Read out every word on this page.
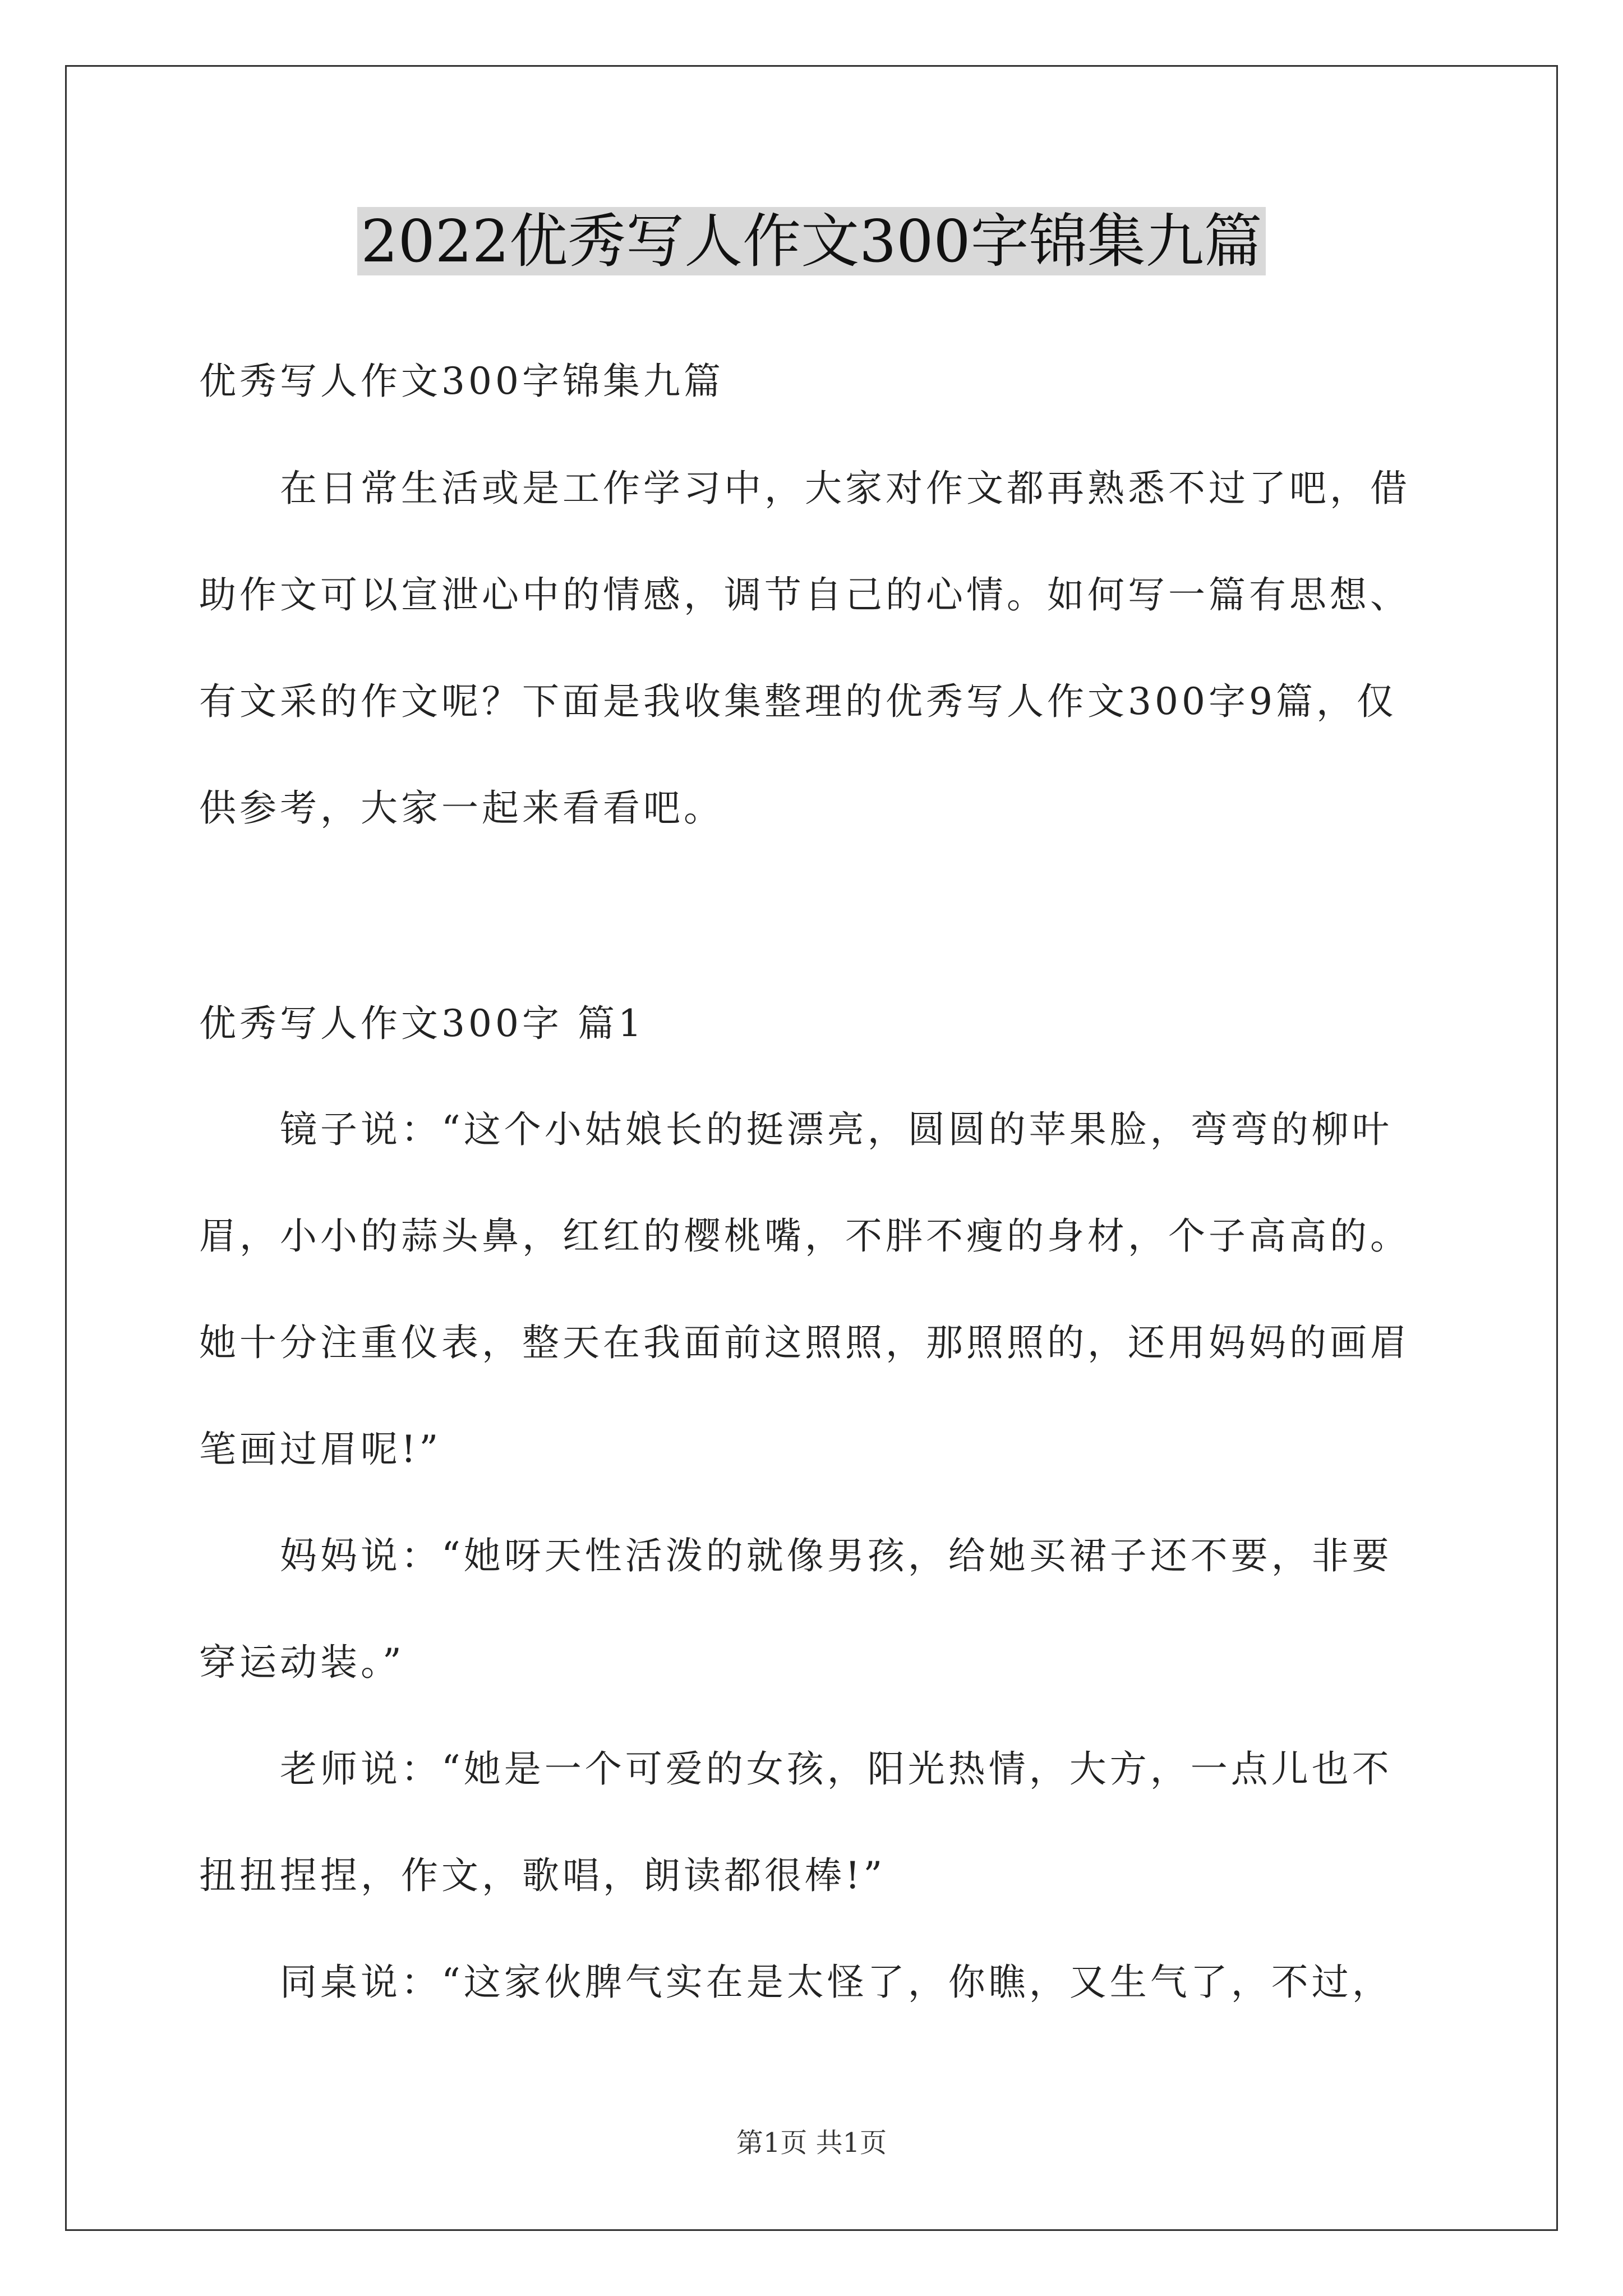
2022优秀写人作文300字锦集九篇

优秀写人作文300字锦集九篇

在日常生活或是工作学习中，大家对作文都再熟悉不过了吧，借助作文可以宣泄心中的情感，调节自己的心情。如何写一篇有思想、有文采的作文呢？下面是我收集整理的优秀写人作文300字9篇，仅供参考，大家一起来看看吧。

优秀写人作文300字 篇1

镜子说：“这个小姑娘长的挺漂亮，圆圆的苹果脸，弯弯的柳叶眉，小小的蒜头鼻，红红的樱桃嘴，不胖不瘦的身材，个子高高的。她十分注重仪表，整天在我面前这照照，那照照的，还用妈妈的画眉笔画过眉呢!”

妈妈说：“她呀天性活泼的就像男孩，给她买裙子还不要，非要穿运动装。”

老师说：“她是一个可爱的女孩，阳光热情，大方，一点儿也不扭扭捏捏，作文，歌唱，朗读都很棒!”

同桌说：“这家伙脾气实在是太怪了，你瞧，又生气了，不过，

第1页 共1页
